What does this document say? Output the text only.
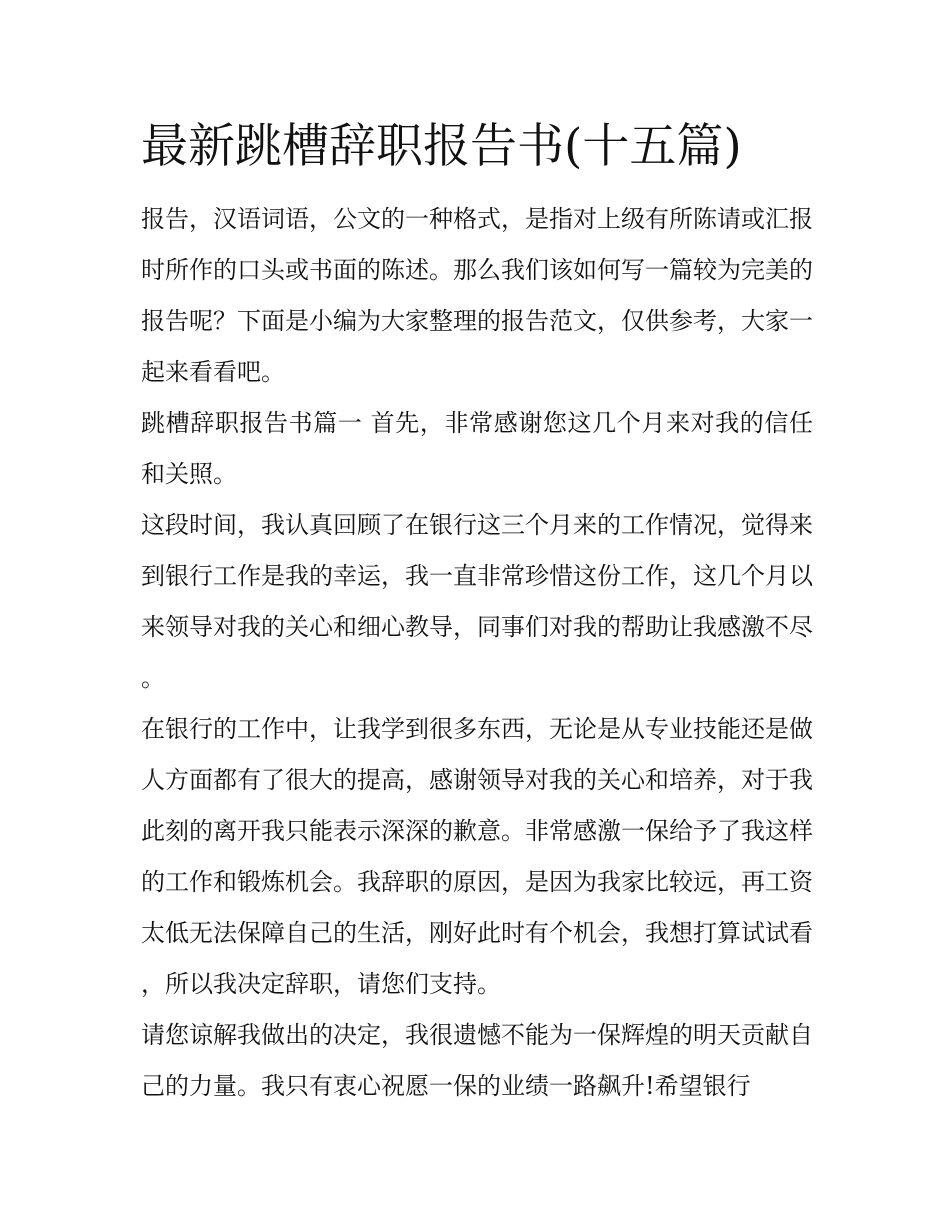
最新跳槽辞职报告书(十五篇)

报告，汉语词语，公文的一种格式，是指对上级有所陈请或汇报时所作的口头或书面的陈述。那么我们该如何写一篇较为完美的报告呢？下面是小编为大家整理的报告范文，仅供参考，大家一起来看看吧。

跳槽辞职报告书篇一 首先，非常感谢您这几个月来对我的信任和关照。

这段时间，我认真回顾了在银行这三个月来的工作情况，觉得来到银行工作是我的幸运，我一直非常珍惜这份工作，这几个月以来领导对我的关心和细心教导，同事们对我的帮助让我感激不尽。

在银行的工作中，让我学到很多东西，无论是从专业技能还是做人方面都有了很大的提高，感谢领导对我的关心和培养，对于我此刻的离开我只能表示深深的歉意。非常感激一保给予了我这样的工作和锻炼机会。我辞职的原因，是因为我家比较远，再工资太低无法保障自己的生活，刚好此时有个机会，我想打算试试看，所以我决定辞职，请您们支持。

请您谅解我做出的决定，我很遗憾不能为一保辉煌的明天贡献自己的力量。我只有衷心祝愿一保的业绩一路飙升!希望银行
